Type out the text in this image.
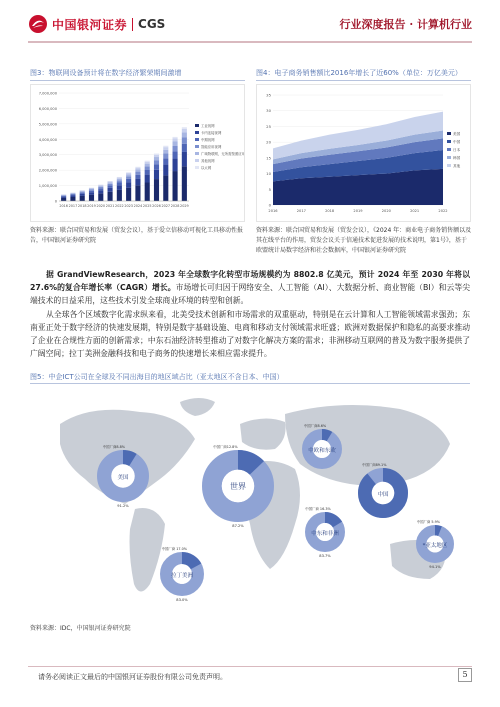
中国银河证券 CGS	行业深度报告 · 计算机行业
图3：物联网设备预计将在数字经济繁荣期间激增
0
1,000,000
2,000,000
3,000,000
4,000,000
5,000,000
6,000,000
7,000,000
2016 2017 2018 2019 2020 2021 2022 2023 2024 2025 2026 2027 2028 2029
工业视网
卡内连接视网
中期视网
智能应用视网
广域物联网，无所需按照应用
其他视网
以太网
资料来源：联合国贸易和发展（贸发会议），基于爱立信移动可视化工具移动性报告，中国银河证券研究院
图4：电子商务销售额比2016年增长了近60%（单位：万亿美元）
0
5
10
15
20
25
30
35
2016	2017	2018	2019	2020	2021	2022
美国
中国
日本
韩国
其他
资料来源：联合国贸易和发展（贸发会议），《2024 年：商业电子商务销售额以及其在线平台的作用，贸发会议关于信通技术促进发展的技术说明，第1号》，基于欧盟统计局数字经济和社会数据库，中国银河证券研究院
据 GrandViewResearch，2023 年全球数字化转型市场规模约为 8802.8 亿美元，预计 2024 年至 2030 年将以 27.6%的复合年增长率（CAGR）增长。市场增长可归因于网络安全、人工智能（AI）、大数据分析、商业智能（BI）和云等尖端技术的日益采用，这些技术引发全球商业环境的转型和创新。
从全球各个区域数字化需求纵来看，北美受技术创新和市场需求的双重驱动，特别是在云计算和人工智能领域需求强劲；东南亚正处于数字经济的快速发展期，特别是数字基础设施、电商和移动支付领域需求旺盛；欧洲对数据保护和隐私的高要求推动了企业在合规性方面的创新需求；中东石油经济转型推动了对数字化解决方案的需求；非洲移动互联网的普及为数字服务提供了广阔空间；拉丁美洲金融科技和电子商务的快速增长来相应需求提升。
图5：中企ICT公司在全球及不同出海目的地区域占比（亚太地区不含日本、中国）
美国
中国厂商8.8%
91.2%
世界
中国厂商12.8%
87.2%
中欧和东欧
中国厂商8.6%
中国
中国厂商89.1%
中东和非洲
中国厂商 16.3%
83.7%
*亚太地区
中国厂商 5.9%
94.1%
拉丁美洲
中国厂商 17.0%
83.0%
资料来源：IDC，中国银河证券研究院
请务必阅读正文最后的中国银河证券股份有限公司免责声明。	5
